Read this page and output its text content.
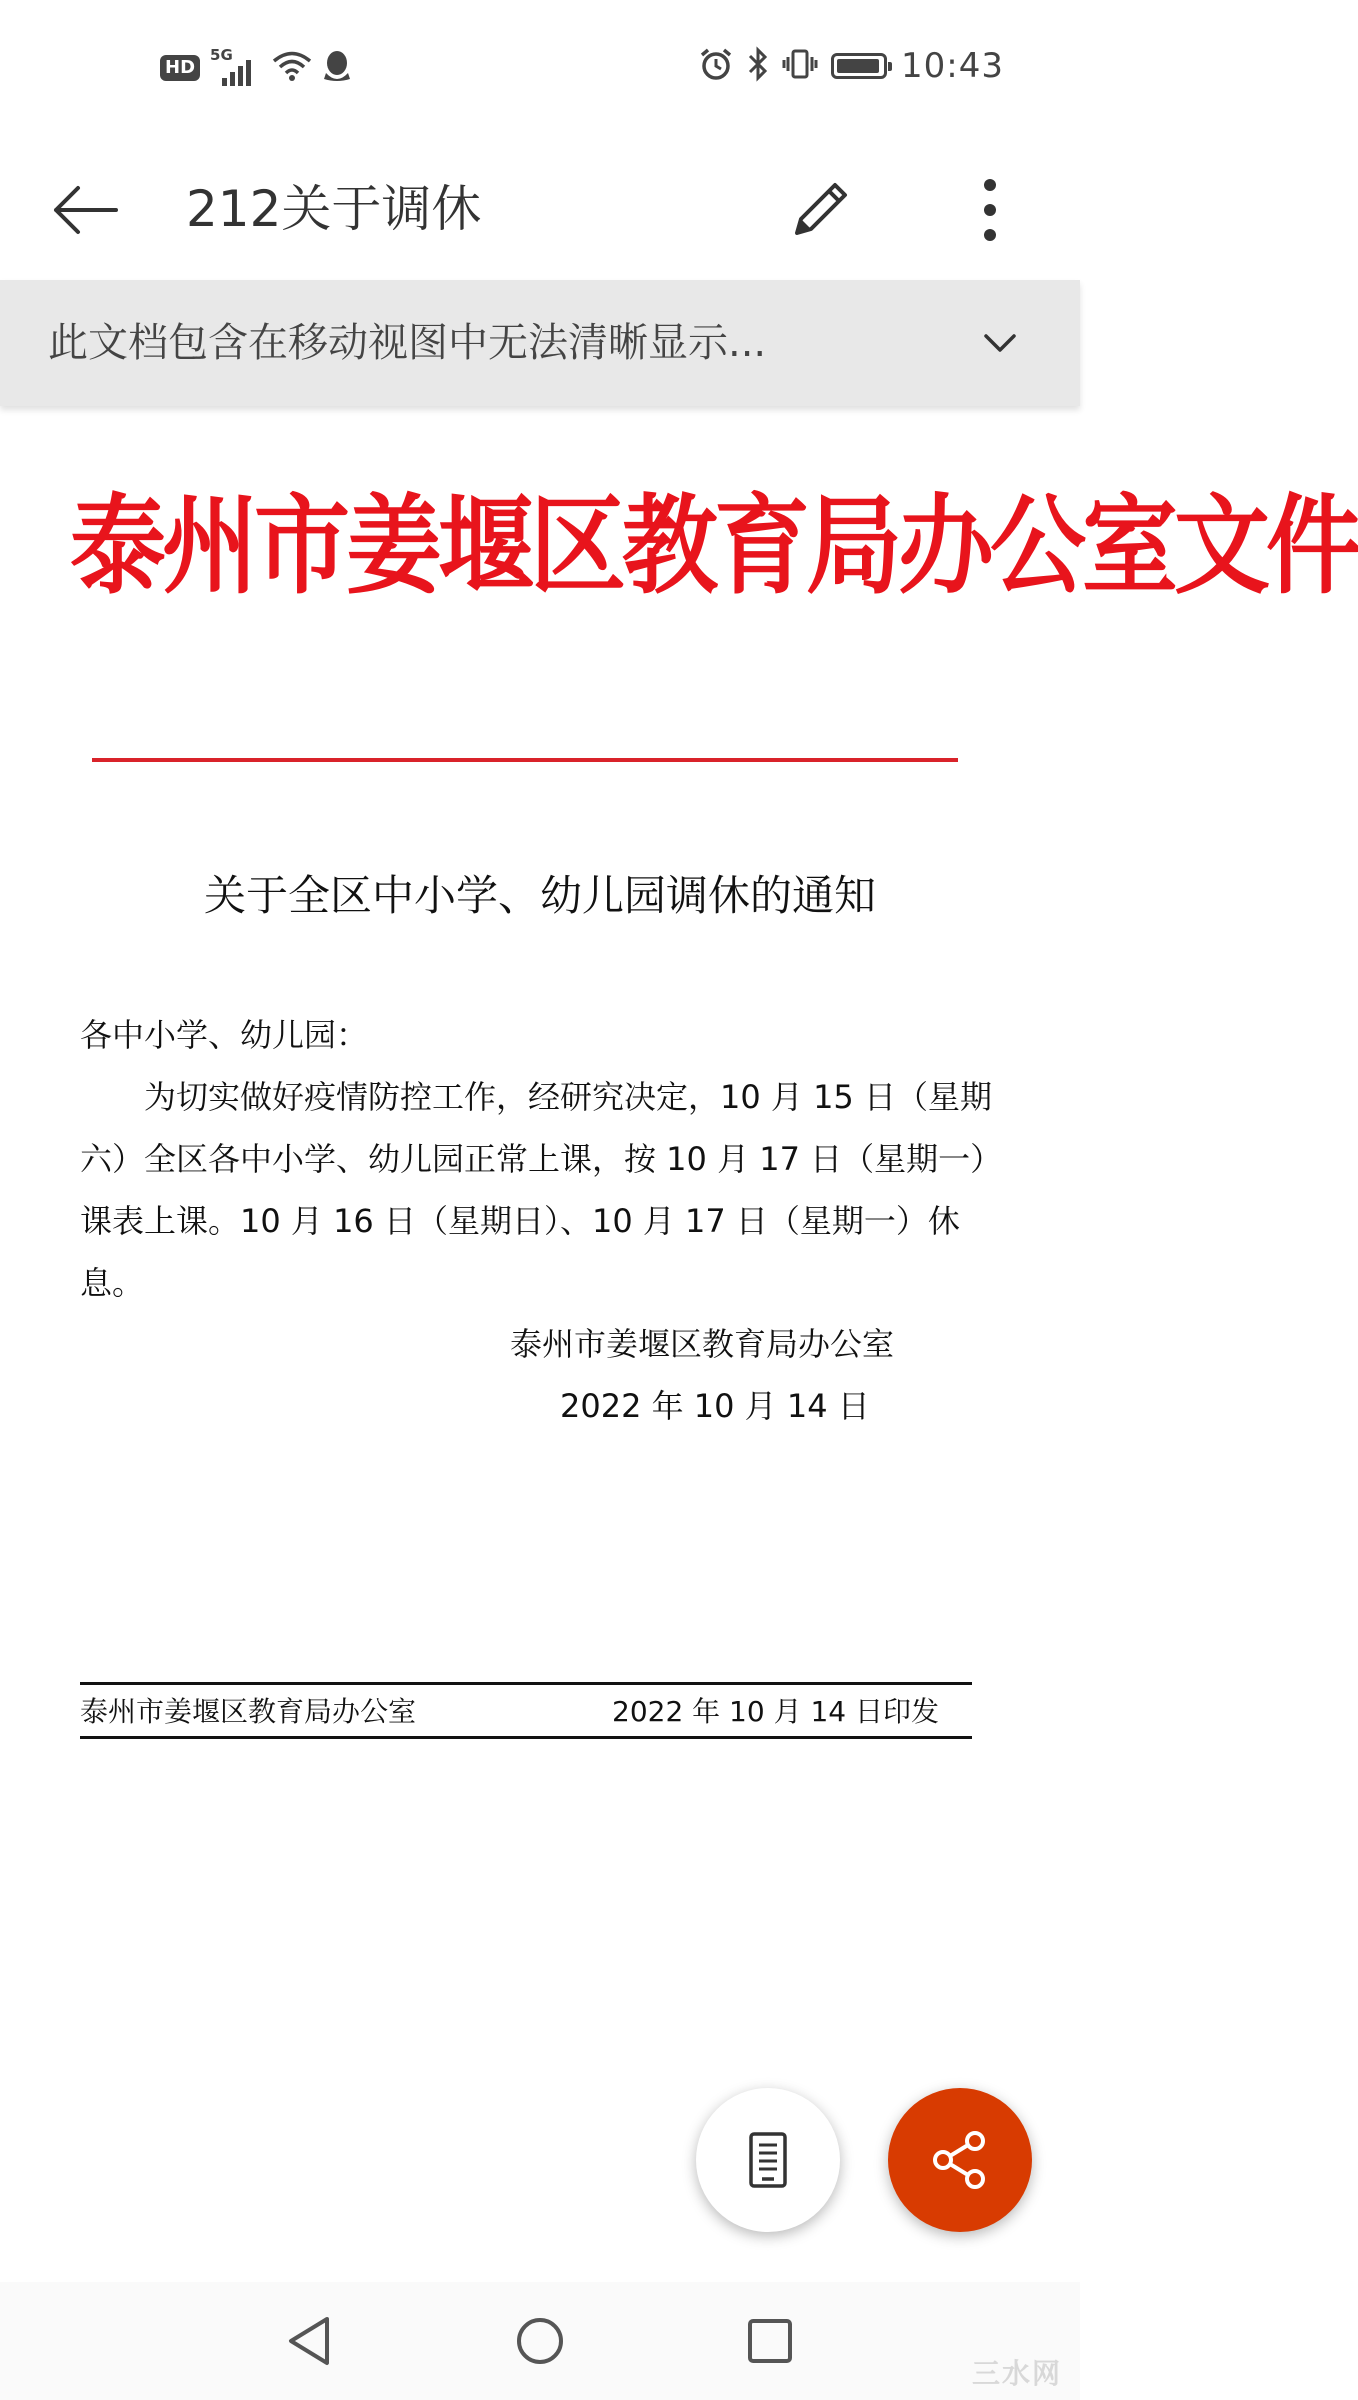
HD
5G	10:43
212关于调休
此文档包含在移动视图中无法清晰显示...
泰州市姜堰区教育局办公室文件
关于全区中小学、幼儿园调休的通知

各中小学、幼儿园：

为切实做好疫情防控工作，经研究决定，10 月 15 日（星期六）全区各中小学、幼儿园正常上课，按 10 月 17 日（星期一）课表上课。10 月 16 日（星期日）、10 月 17 日（星期一）休息。

泰州市姜堰区教育局办公室
2022 年 10 月 14 日
泰州市姜堰区教育局办公室	2022 年 10 月 14 日印发
三水网
